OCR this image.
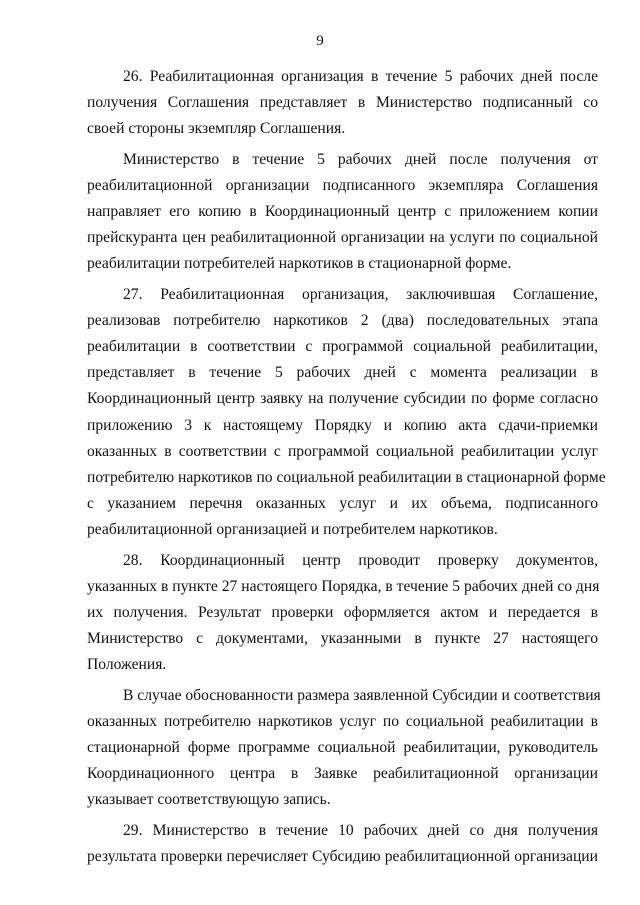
9

26. Реабилитационная организация в течение 5 рабочих дней после
получения Соглашения представляет в Министерство подписанный со
своей стороны экземпляр Соглашения.

Министерство в течение 5 рабочих дней после получения от
реабилитационной организации подписанного экземпляра Соглашения
направляет его копию в Координационный центр с приложением копии
прейскуранта цен реабилитационной организации на услуги по социальной
реабилитации потребителей наркотиков в стационарной форме.

27. Реабилитационная организация, заключившая Соглашение,
реализовав потребителю наркотиков 2 (два) последовательных этапа
реабилитации в соответствии с программой социальной реабилитации,
представляет в течение 5 рабочих дней с момента реализации в
Координационный центр заявку на получение субсидии по форме согласно
приложению 3 к настоящему Порядку и копию акта сдачи-приемки
оказанных в соответствии с программой социальной реабилитации услуг
потребителю наркотиков по социальной реабилитации в стационарной форме
с указанием перечня оказанных услуг и их объема, подписанного
реабилитационной организацией и потребителем наркотиков.

28. Координационный центр проводит проверку документов,
указанных в пункте 27 настоящего Порядка, в течение 5 рабочих дней со дня
их получения. Результат проверки оформляется актом и передается в
Министерство с документами, указанными в пункте 27 настоящего
Положения.

В случае обоснованности размера заявленной Субсидии и соответствия
оказанных потребителю наркотиков услуг по социальной реабилитации в
стационарной форме программе социальной реабилитации, руководитель
Координационного центра в Заявке реабилитационной организации
указывает соответствующую запись.

29. Министерство в течение 10 рабочих дней со дня получения
результата проверки перечисляет Субсидию реабилитационной организации
